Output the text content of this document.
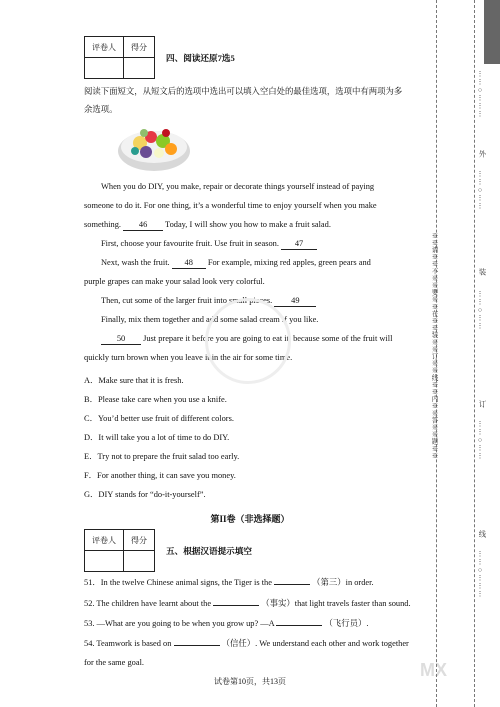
评卷人	得分

四、阅读还原7选5
阅读下面短文，从短文后的选项中选出可以填入空白处的最佳选项，选项中有两项为多
余选项。
When you do DIY, you make, repair or decorate things yourself instead of paying
someone to do it. For one thing, it’s a wonderful time to enjoy yourself when you make
something. 46 Today, I will show you how to make a fruit salad.
First, choose your favourite fruit. Use fruit in season. 47
Next, wash the fruit. 48 For example, mixing red apples, green pears and
purple grapes can make your salad look very colorful.
Then, cut some of the larger fruit into small pieces. 49
Finally, mix them together and add some salad cream if you like.
50 Just prepare it before you are going to eat it, because some of the fruit will
quickly turn brown when you leave it in the air for some time.
A．Make sure that it is fresh.
B．Please take care when you use a knife.
C．You’d better use fruit of different colors.
D．It will take you a lot of time to do DIY.
E．Try not to prepare the fruit salad too early.
F．For another thing, it can save you money.
G．DIY stands for “do-it-yourself”.
第II卷（非选择题）
评卷人	得分

五、根据汉语提示填空
51．In the twelve Chinese animal signs, the Tiger is the	（第三）in order.
52. The children have learnt about the	（事实）that light travels faster than sound.
53. —What are you going to be when you grow up? —A	（飞行员）.
54. Teamwork is based on	（信任）. We understand each other and work together
for the same goal.
试卷第10页，共13页
MX
※※请※※不※※要※※在※※装※※订※※线※※内※※答※※题※※
⋮
⋮
○
⋮
⋮
⋮
外
⋮
⋮
○
⋮
⋮
装
⋮
⋮
○
⋮
⋮
订
⋮
⋮
○
⋮
⋮
线
⋮
⋮
○
⋮
⋮
⋮
